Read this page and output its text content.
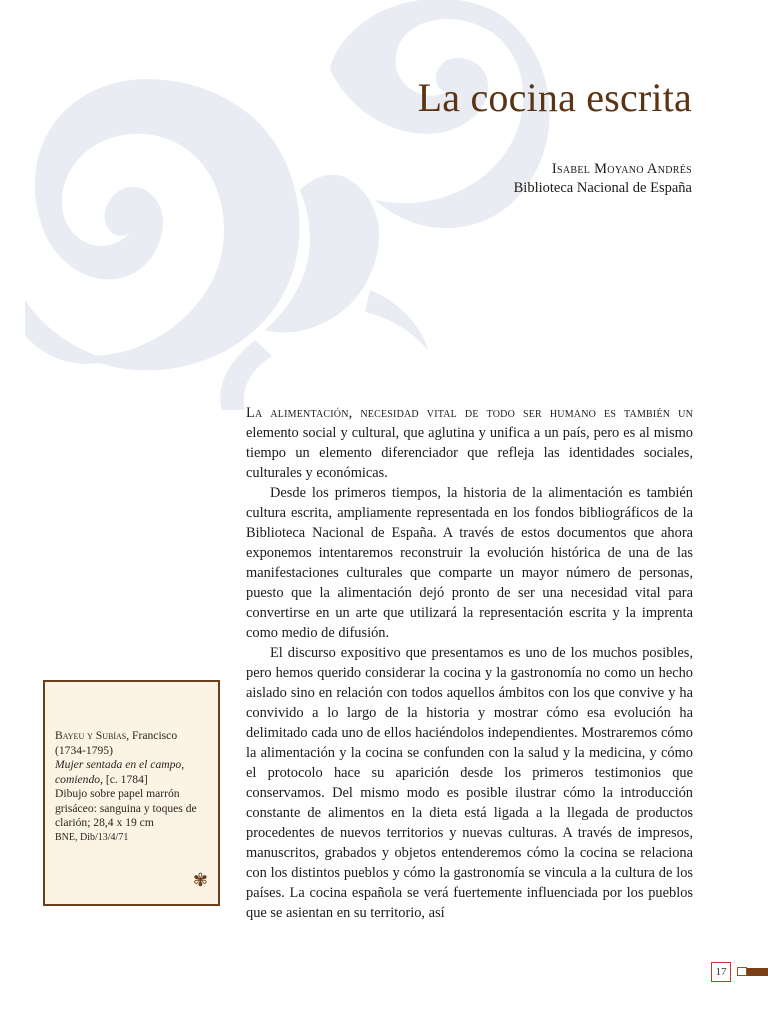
La cocina escrita
Isabel Moyano Andrés
Biblioteca Nacional de España

La alimentación, necesidad vital de todo ser humano es también un elemento social y cultural, que aglutina y unifica a un país, pero es al mismo tiempo un elemento diferenciador que refleja las identidades sociales, culturales y económicas.

Desde los primeros tiempos, la historia de la alimentación es también cultura escrita, ampliamente representada en los fondos bibliográficos de la Biblioteca Nacional de España. A través de estos documentos que ahora exponemos intentaremos reconstruir la evolución histórica de una de las manifestaciones culturales que comparte un mayor número de personas, puesto que la alimentación dejó pronto de ser una necesidad vital para convertirse en un arte que utilizará la representación escrita y la imprenta como medio de difusión.

El discurso expositivo que presentamos es uno de los muchos posibles, pero hemos querido considerar la cocina y la gastronomía no como un hecho aislado sino en relación con todos aquellos ámbitos con los que convive y ha convivido a lo largo de la historia y mostrar cómo esa evolución ha delimitado cada uno de ellos haciéndolos independientes. Mostraremos cómo la alimentación y la cocina se confunden con la salud y la medicina, y cómo el protocolo hace su aparición desde los primeros testimonios que conservamos. Del mismo modo es posible ilustrar cómo la introducción constante de alimentos en la dieta está ligada a la llegada de productos procedentes de nuevos territorios y nuevas culturas. A través de impresos, manuscritos, grabados y objetos entenderemos cómo la cocina se relaciona con los distintos pueblos y cómo la gastronomía se vincula a la cultura de los países. La cocina española se verá fuertemente influenciada por los pueblos que se asientan en su territorio, así

Bayeu y Subías, Francisco
(1734-1795)
Mujer sentada en el campo, comiendo, [c. 1784]
Dibujo sobre papel marrón grisáceo: sanguina y toques de clarión; 28,4 x 19 cm
BNE, Dib/13/4/71
✾
17
